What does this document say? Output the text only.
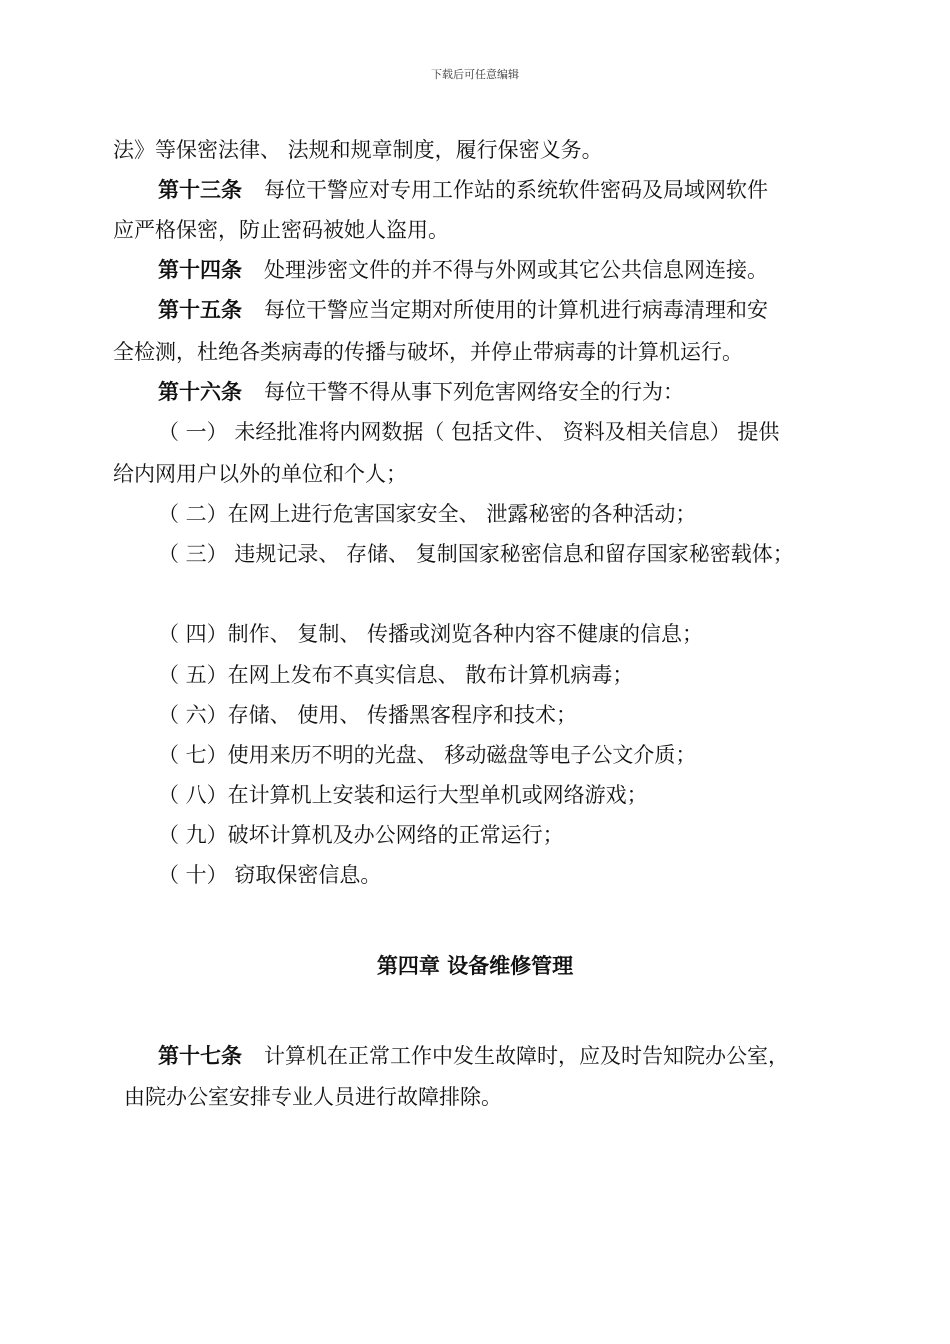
下载后可任意编辑
法》等保密法律、 法规和规章制度，履行保密义务。
第十三条 每位干警应对专用工作站的系统软件密码及局域网软件
应严格保密，防止密码被她人盗用。
第十四条 处理涉密文件的并不得与外网或其它公共信息网连接。
第十五条 每位干警应当定期对所使用的计算机进行病毒清理和安
全检测，杜绝各类病毒的传播与破坏，并停止带病毒的计算机运行。
第十六条 每位干警不得从事下列危害网络安全的行为：
（ 一） 未经批准将内网数据（ 包括文件、 资料及相关信息） 提供
给内网用户以外的单位和个人；
（ 二）在网上进行危害国家安全、 泄露秘密的各种活动；
（ 三） 违规记录、 存储、 复制国家秘密信息和留存国家秘密载体；
（ 四）制作、 复制、 传播或浏览各种内容不健康的信息；
（ 五）在网上发布不真实信息、 散布计算机病毒；
（ 六）存储、 使用、 传播黑客程序和技术；
（ 七）使用来历不明的光盘、 移动磁盘等电子公文介质；
（ 八）在计算机上安装和运行大型单机或网络游戏；
（ 九）破坏计算机及办公网络的正常运行；
（ 十） 窃取保密信息。
第四章 设备维修管理
第十七条 计算机在正常工作中发生故障时，应及时告知院办公室，
由院办公室安排专业人员进行故障排除。
